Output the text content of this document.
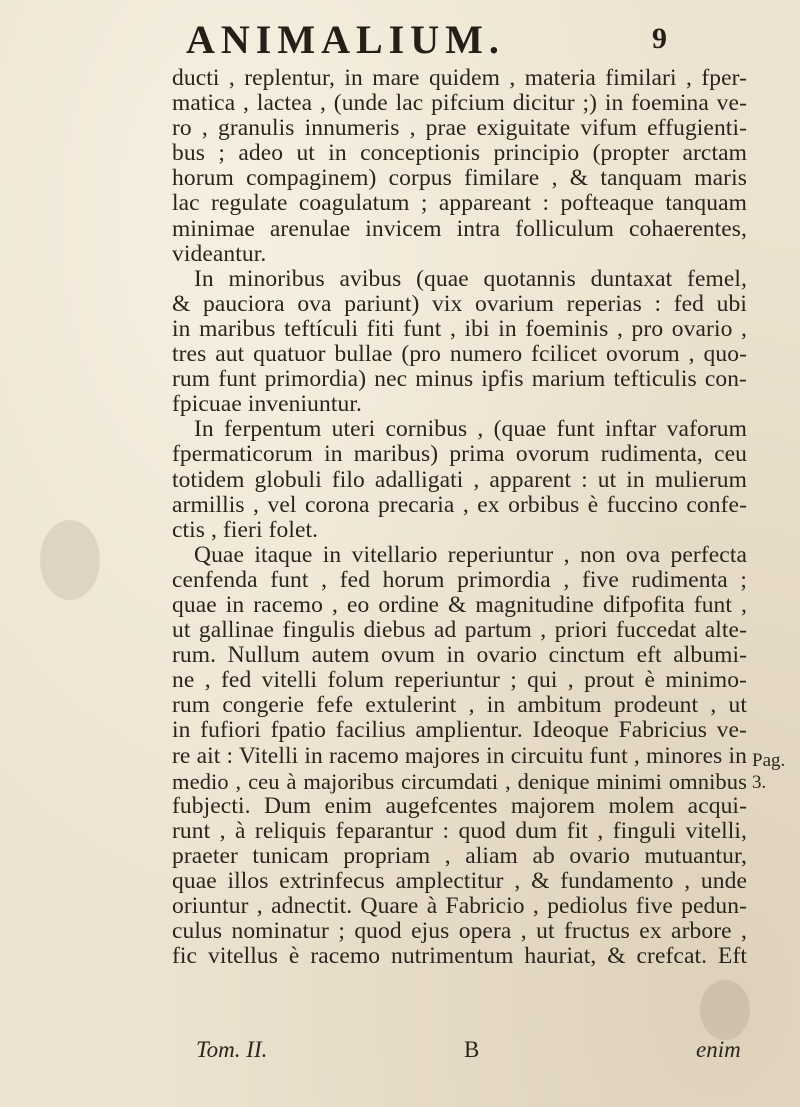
ANIMALIUM.	9
ducti , replentur, in mare quidem , materia fimilari , fper-
matica , lactea , (unde lac pifcium dicitur ;) in foemina ve-
ro , granulis innumeris , prae exiguitate vifum effugienti-
bus ; adeo ut in conceptionis principio (propter arctam
horum compaginem) corpus fimilare , & tanquam maris
lac regulate coagulatum ; appareant : pofteaque tanquam
minimae arenulae invicem intra folliculum cohaerentes,
videantur.
In minoribus avibus (quae quotannis duntaxat femel,
& pauciora ova pariunt) vix ovarium reperias : fed ubi
in maribus teftículi fiti funt , ibi in foeminis , pro ovario ,
tres aut quatuor bullae (pro numero fcilicet ovorum , quo-
rum funt primordia) nec minus ipfis marium tefticulis con-
fpicuae inveniuntur.
In ferpentum uteri cornibus , (quae funt inftar vaforum
fpermaticorum in maribus) prima ovorum rudimenta, ceu
totidem globuli filo adalligati , apparent : ut in mulierum
armillis , vel corona precaria , ex orbibus è fuccino confe-
ctis , fieri folet.
Quae itaque in vitellario reperiuntur , non ova perfecta
cenfenda funt , fed horum primordia , five rudimenta ;
quae in racemo , eo ordine & magnitudine difpofita funt ,
ut gallinae fingulis diebus ad partum , priori fuccedat alte-
rum. Nullum autem ovum in ovario cinctum eft albumi-
ne , fed vitelli folum reperiuntur ; qui , prout è minimo-
rum congerie fefe extulerint , in ambitum prodeunt , ut
in fufiori fpatio facilius amplientur. Ideoque Fabricius ve-
re ait : Vitelli in racemo majores in circuitu funt , minores in
medio , ceu à majoribus circumdati , denique minimi omnibus
fubjecti. Dum enim augefcentes majorem molem acqui-
runt , à reliquis feparantur : quod dum fit , finguli vitelli,
praeter tunicam propriam , aliam ab ovario mutuantur,
quae illos extrinfecus amplectitur , & fundamento , unde
oriuntur , adnectit. Quare à Fabricio , pediolus five pedun-
culus nominatur ; quod ejus opera , ut fructus ex arbore ,
fic vitellus è racemo nutrimentum hauriat, & crefcat. Eft
Pag. 3.
Tom. II.	B	enim
